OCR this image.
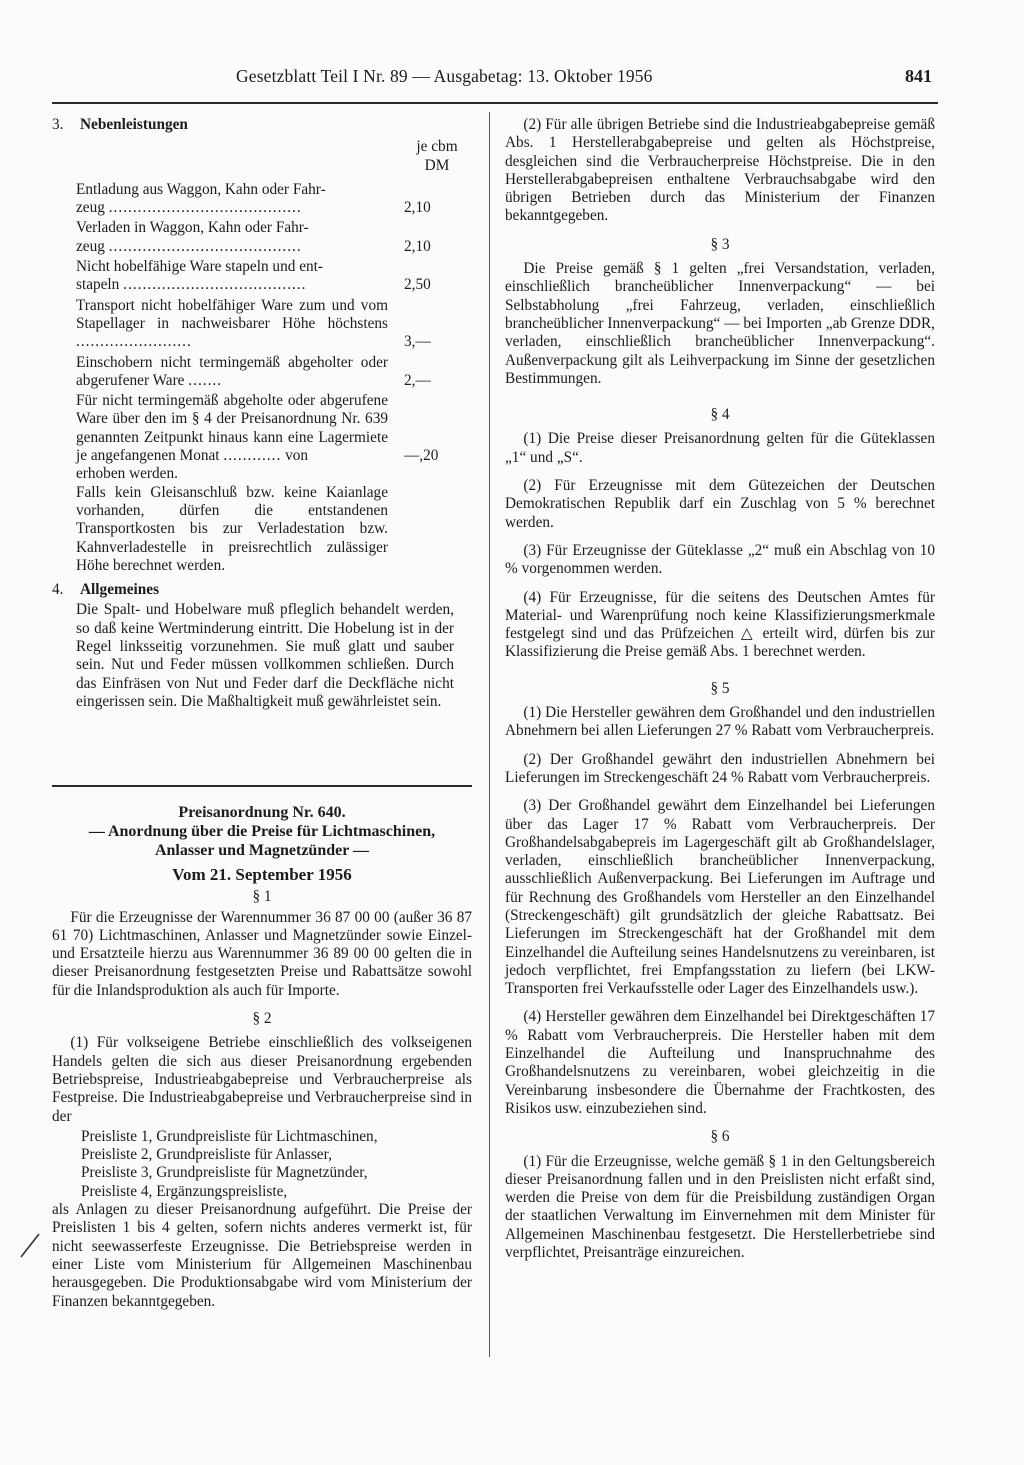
Gesetzblatt Teil I Nr. 89 — Ausgabetag: 13. Oktober 1956	841
3. Nebenleistungen
je cbm
DM
Entladung aus Waggon, Kahn oder Fahr-
zeug ........................................	2,10
Verladen in Waggon, Kahn oder Fahr-
zeug ........................................	2,10
Nicht hobelfähige Ware stapeln und ent-
stapeln ......................................	2,50
Transport nicht hobelfähiger Ware zum und vom Stapellager in nachweisbarer Höhe höchstens ........................	3,—
Einschobern nicht termingemäß abgeholter oder abgerufener Ware .......	2,—
Für nicht termingemäß abgeholte oder abgerufene Ware über den im § 4 der Preisanordnung Nr. 639 genannten Zeitpunkt hinaus kann eine Lagermiete je angefangenen Monat ............ von	—,20
erhoben werden.
Falls kein Gleisanschluß bzw. keine Kaianlage vorhanden, dürfen die entstandenen Transportkosten bis zur Verladestation bzw. Kahnverladestelle in preisrechtlich zulässiger Höhe berechnet werden.
4. Allgemeines
Die Spalt- und Hobelware muß pfleglich behandelt werden, so daß keine Wertminderung eintritt. Die Hobelung ist in der Regel linksseitig vorzunehmen. Sie muß glatt und sauber sein. Nut und Feder müssen vollkommen schließen. Durch das Einfräsen von Nut und Feder darf die Deckfläche nicht eingerissen sein. Die Maßhaltigkeit muß gewährleistet sein.
Preisanordnung Nr. 640.
— Anordnung über die Preise für Lichtmaschinen,
Anlasser und Magnetzünder —
Vom 21. September 1956
§ 1
Für die Erzeugnisse der Warennummer 36 87 00 00 (außer 36 87 61 70) Lichtmaschinen, Anlasser und Magnetzünder sowie Einzel- und Ersatzteile hierzu aus Warennummer 36 89 00 00 gelten die in dieser Preisanordnung festgesetzten Preise und Rabattsätze sowohl für die Inlandsproduktion als auch für Importe.
§ 2
(1) Für volkseigene Betriebe einschließlich des volkseigenen Handels gelten die sich aus dieser Preisanordnung ergebenden Betriebspreise, Industrieabgabepreise und Verbraucherpreise als Festpreise. Die Industrieabgabepreise und Verbraucherpreise sind in der
Preisliste 1, Grundpreisliste für Lichtmaschinen,
Preisliste 2, Grundpreisliste für Anlasser,
Preisliste 3, Grundpreisliste für Magnetzünder,
Preisliste 4, Ergänzungspreisliste,
als Anlagen zu dieser Preisanordnung aufgeführt. Die Preise der Preislisten 1 bis 4 gelten, sofern nichts anderes vermerkt ist, für nicht seewasserfeste Erzeugnisse. Die Betriebspreise werden in einer Liste vom Ministerium für Allgemeinen Maschinenbau herausgegeben. Die Produktionsabgabe wird vom Ministerium der Finanzen bekanntgegeben.
(2) Für alle übrigen Betriebe sind die Industrieabgabepreise gemäß Abs. 1 Herstellerabgabepreise und gelten als Höchstpreise, desgleichen sind die Verbraucherpreise Höchstpreise. Die in den Herstellerabgabepreisen enthaltene Verbrauchsabgabe wird den übrigen Betrieben durch das Ministerium der Finanzen bekanntgegeben.
§ 3
Die Preise gemäß § 1 gelten „frei Versandstation, verladen, einschließlich brancheüblicher Innenverpackung“ — bei Selbstabholung „frei Fahrzeug, verladen, einschließlich brancheüblicher Innenverpackung“ — bei Importen „ab Grenze DDR, verladen, einschließlich brancheüblicher Innenverpackung“. Außenverpackung gilt als Leihverpackung im Sinne der gesetzlichen Bestimmungen.
§ 4
(1) Die Preise dieser Preisanordnung gelten für die Güteklassen „1“ und „S“.
(2) Für Erzeugnisse mit dem Gütezeichen der Deutschen Demokratischen Republik darf ein Zuschlag von 5 % berechnet werden.
(3) Für Erzeugnisse der Güteklasse „2“ muß ein Abschlag von 10 % vorgenommen werden.
(4) Für Erzeugnisse, für die seitens des Deutschen Amtes für Material- und Warenprüfung noch keine Klassifizierungsmerkmale festgelegt sind und das Prüfzeichen △ erteilt wird, dürfen bis zur Klassifizierung die Preise gemäß Abs. 1 berechnet werden.
§ 5
(1) Die Hersteller gewähren dem Großhandel und den industriellen Abnehmern bei allen Lieferungen 27 % Rabatt vom Verbraucherpreis.
(2) Der Großhandel gewährt den industriellen Abnehmern bei Lieferungen im Streckengeschäft 24 % Rabatt vom Verbraucherpreis.
(3) Der Großhandel gewährt dem Einzelhandel bei Lieferungen über das Lager 17 % Rabatt vom Verbraucherpreis. Der Großhandelsabgabepreis im Lagergeschäft gilt ab Großhandelslager, verladen, einschließlich brancheüblicher Innenverpackung, ausschließlich Außenverpackung. Bei Lieferungen im Auftrage und für Rechnung des Großhandels vom Hersteller an den Einzelhandel (Streckengeschäft) gilt grundsätzlich der gleiche Rabattsatz. Bei Lieferungen im Streckengeschäft hat der Großhandel mit dem Einzelhandel die Aufteilung seines Handelsnutzens zu vereinbaren, ist jedoch verpflichtet, frei Empfangsstation zu liefern (bei LKW-Transporten frei Verkaufsstelle oder Lager des Einzelhandels usw.).
(4) Hersteller gewähren dem Einzelhandel bei Direktgeschäften 17 % Rabatt vom Verbraucherpreis. Die Hersteller haben mit dem Einzelhandel die Aufteilung und Inanspruchnahme des Großhandelsnutzens zu vereinbaren, wobei gleichzeitig in die Vereinbarung insbesondere die Übernahme der Frachtkosten, des Risikos usw. einzubeziehen sind.
§ 6
(1) Für die Erzeugnisse, welche gemäß § 1 in den Geltungsbereich dieser Preisanordnung fallen und in den Preislisten nicht erfaßt sind, werden die Preise von dem für die Preisbildung zuständigen Organ der staatlichen Verwaltung im Einvernehmen mit dem Minister für Allgemeinen Maschinenbau festgesetzt. Die Herstellerbetriebe sind verpflichtet, Preisanträge einzureichen.
